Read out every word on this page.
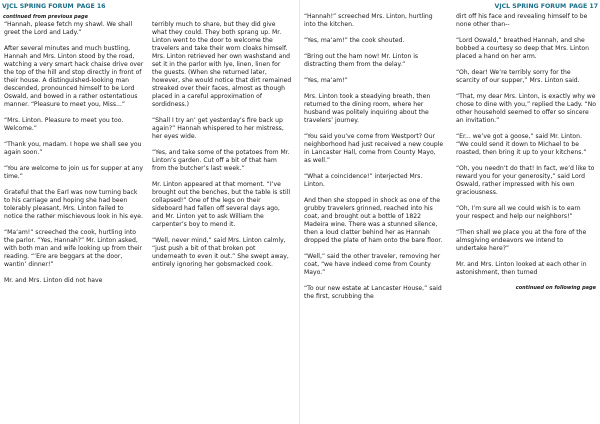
VJCL SPRING FORUM PAGE 16
continued from previous page

“Hannah, please fetch my shawl. We shall greet the Lord and Lady.”

After several minutes and much bustling, Hannah and Mrs. Linton stood by the road, watching a very smart hack chaise drive over the top of the hill and stop directly in front of their house. A distinguished-looking man descended, pronounced himself to be Lord Oswald, and bowed in a rather ostentatious manner. “Pleasure to meet you, Miss...”

“Mrs. Linton. Pleasure to meet you too. Welcome.”

“Thank you, madam. I hope we shall see you again soon.”

“You are welcome to join us for supper at any time.”

Grateful that the Earl was now turning back to his carriage and hoping she had been tolerably pleasant, Mrs. Linton failed to notice the rather mischievous look in his eye.

“Ma’am!” screeched the cook, hurtling into the parlor. “Yes, Hannah?” Mr. Linton asked, with both man and wife looking up from their reading. “’Ere are beggars at the door, wantin’ dinner!”

Mr. and Mrs. Linton did not have

terribly much to share, but they did give what they could. They both sprang up. Mr. Linton went to the door to welcome the travelers and take their worn cloaks himself. Mrs. Linton retrieved her own washstand and set it in the parlor with lye, linen, linen for the guests. (When she returned later, however, she would notice that dirt remained streaked over their faces, almost as though placed in a careful approximation of sordidness.)

“Shall I try an’ get yesterday’s fire back up again?” Hannah whispered to her mistress, her eyes wide.

“Yes, and take some of the potatoes from Mr. Linton’s garden. Cut off a bit of that ham from the butcher’s last week.”

Mr. Linton appeared at that moment. “I’ve brought out the benches, but the table is still collapsed!” One of the legs on their sideboard had fallen off several days ago, and Mr. Linton yet to ask William the carpenter’s boy to mend it.

“Well, never mind,” said Mrs. Linton calmly, “just push a bit of that broken pot underneath to even it out.” She swept away, entirely ignoring her gobsmacked cook.

VJCL SPRING FORUM PAGE 17

“Hannah!” screeched Mrs. Linton, hurtling into the kitchen.

“Yes, ma’am!” the cook shouted.

“Bring out the ham now! Mr. Linton is distracting them from the delay.”

“Yes, ma’am!”

Mrs. Linton took a steadying breath, then returned to the dining room, where her husband was politely inquiring about the travelers’ journey.

“You said you’ve come from Westport? Our neighborhood had just received a new couple in Lancaster Hall, come from County Mayo, as well.”

“What a coincidence!” interjected Mrs. Linton.

And then she stopped in shock as one of the grubby travelers grinned, reached into his coat, and brought out a bottle of 1822 Madeira wine. There was a stunned silence, then a loud clatter behind her as Hannah dropped the plate of ham onto the bare floor.

“Well,” said the other traveler, removing her coat, “we have indeed come from County Mayo.”

“To our new estate at Lancaster House,” said the first, scrubbing the

dirt off his face and revealing himself to be none other than--

“Lord Oswald,” breathed Hannah, and she bobbed a courtesy so deep that Mrs. Linton placed a hand on her arm.

“Oh, dear! We’re terribly sorry for the scarcity of our supper,” Mrs. Linton said.

“That, my dear Mrs. Linton, is exactly why we chose to dine with you,” replied the Lady. “No other household seemed to offer so sincere an invitation.”

“Er... we’ve got a goose,” said Mr. Linton. “We could send it down to Michael to be roasted, then bring it up to your kitchens.”

“Oh, you needn’t do that! In fact, we’d like to reward you for your generosity,” said Lord Oswald, rather impressed with his own graciousness.

“Oh, I’m sure all we could wish is to earn your respect and help our neighbors!”

“Then shall we place you at the fore of the almsgiving endeavors we intend to undertake here?”

Mr. and Mrs. Linton looked at each other in astonishment, then turned

continued on following page
